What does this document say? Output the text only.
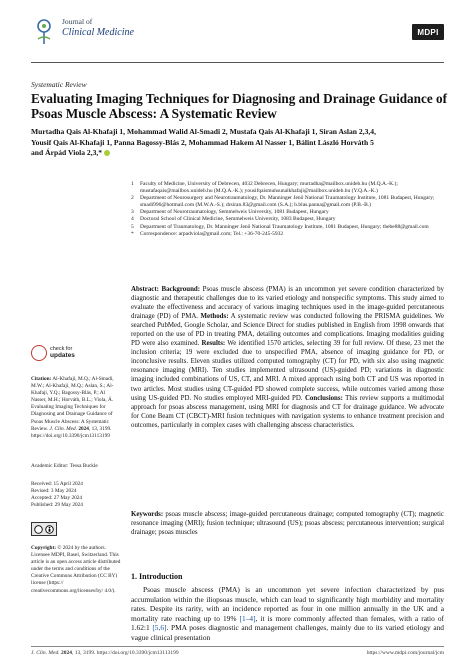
Journal of
Clinical Medicine	MDPI
Systematic Review
Evaluating Imaging Techniques for Diagnosing and Drainage Guidance of Psoas Muscle Abscess: A Systematic Review
Murtadha Qais Al-Khafaji 1, Mohammad Walid Al-Smadi 2, Mustafa Qais Al-Khafaji 1, Siran Aslan 2,3,4,
Yousif Qais Al-Khafaji 1, Panna Bagossy-Blás 2, Mohammad Hakem Al Nasser 1, Bálint László Horváth 5
and Árpád Viola 2,3,*
1	Faculty of Medicine, University of Debrecen, 4032 Debrecen, Hungary; murtadha@mailbox.unideb.hu (M.Q.A.-K.); mustafaqais@mailbox.unideb.hu (M.Q.A.-K.); yousifqaismuhsunalkhafaji@mailbox.unideb.hu (Y.Q.A.-K.)
2	Department of Neurosurgery and Neurotraumatology, Dr. Manninger Jenő National Traumatology Institute, 1081 Budapest, Hungary; smadi996@hotmail.com (M.W.A.-S.); drsiran.83@gmail.com (S.A.); b.blas.panna@gmail.com (P.B.-B.)
3	Department of Neurotraumatology, Semmelweis University, 1081 Budapest, Hungary
4	Doctoral School of Clinical Medicine, Semmelweis University, 1083 Budapest, Hungary
5	Department of Traumatology, Dr. Manninger Jenő National Traumatology Institute, 1081 Budapest, Hungary; thebe88@gmail.com
*	Correspondence: arpadviola@gmail.com; Tel.: +36-70-245-5932
Abstract: Background: Psoas muscle abscess (PMA) is an uncommon yet severe condition characterized by diagnostic and therapeutic challenges due to its varied etiology and nonspecific symptoms. This study aimed to evaluate the effectiveness and accuracy of various imaging techniques used in the image-guided percutaneous drainage (PD) of PMA. Methods: A systematic review was conducted following the PRISMA guidelines. We searched PubMed, Google Scholar, and Science Direct for studies published in English from 1998 onwards that reported on the use of PD in treating PMA, detailing outcomes and complications. Imaging modalities guiding PD were also examined. Results: We identified 1570 articles, selecting 39 for full review. Of these, 23 met the inclusion criteria; 19 were excluded due to unspecified PMA, absence of imaging guidance for PD, or inconclusive results. Eleven studies utilized computed tomography (CT) for PD, with six also using magnetic resonance imaging (MRI). Ten studies implemented ultrasound (US)-guided PD; variations in diagnostic imaging included combinations of US, CT, and MRI. A mixed approach using both CT and US was reported in two articles. Most studies using CT-guided PD showed complete success, while outcomes varied among those using US-guided PD. No studies employed MRI-guided PD. Conclusions: This review supports a multimodal approach for psoas abscess management, using MRI for diagnosis and CT for drainage guidance. We advocate for Cone Beam CT (CBCT)-MRI fusion techniques with navigation systems to enhance treatment precision and outcomes, particularly in complex cases with challenging abscess characteristics.
Keywords: psoas muscle abscess; image-guided percutaneous drainage; computed tomography (CT); magnetic resonance imaging (MRI); fusion technique; ultrasound (US); psoas abscess; percutaneous intervention; surgical drainage; psoas muscles
1. Introduction
Psoas muscle abscess (PMA) is an uncommon yet severe infection characterized by pus accumulation within the iliopsoas muscle, which can lead to significantly high morbidity and mortality rates. Despite its rarity, with an incidence reported as four in one million annually in the UK and a mortality rate reaching up to 19% [1–4], it is more commonly affected than females, with a ratio of 1.62:1 [5,6]. PMA poses diagnostic and management challenges, mainly due to its varied etiology and vague clinical presentation
check for
updates
Citation: Al-Khafaji, M.Q.; Al-Smadi, M.W.; Al-Khafaji, M.Q.; Aslan, S.; Al-Khafaji, Y.Q.; Bagossy-Blás, P.; Al Nasser, M.H.; Horváth, B.L.; Viola, Á. Evaluating Imaging Techniques for Diagnosing and Drainage Guidance of Psoas Muscle Abscess: A Systematic Review. J. Clin. Med. 2024, 13, 3199. https://doi.org/10.3390/jcm13113199
Academic Editor: Tessa Buckle
Received: 15 April 2024
Revised: 3 May 2024
Accepted: 27 May 2024
Published: 29 May 2024
Copyright: © 2024 by the authors. Licensee MDPI, Basel, Switzerland. This article is an open access article distributed under the terms and conditions of the Creative Commons Attribution (CC BY) license (https:// creativecommons.org/licenses/by/ 4.0/).
J. Clin. Med. 2024, 13, 3199. https://doi.org/10.3390/jcm13113199	https://www.mdpi.com/journal/jcm
